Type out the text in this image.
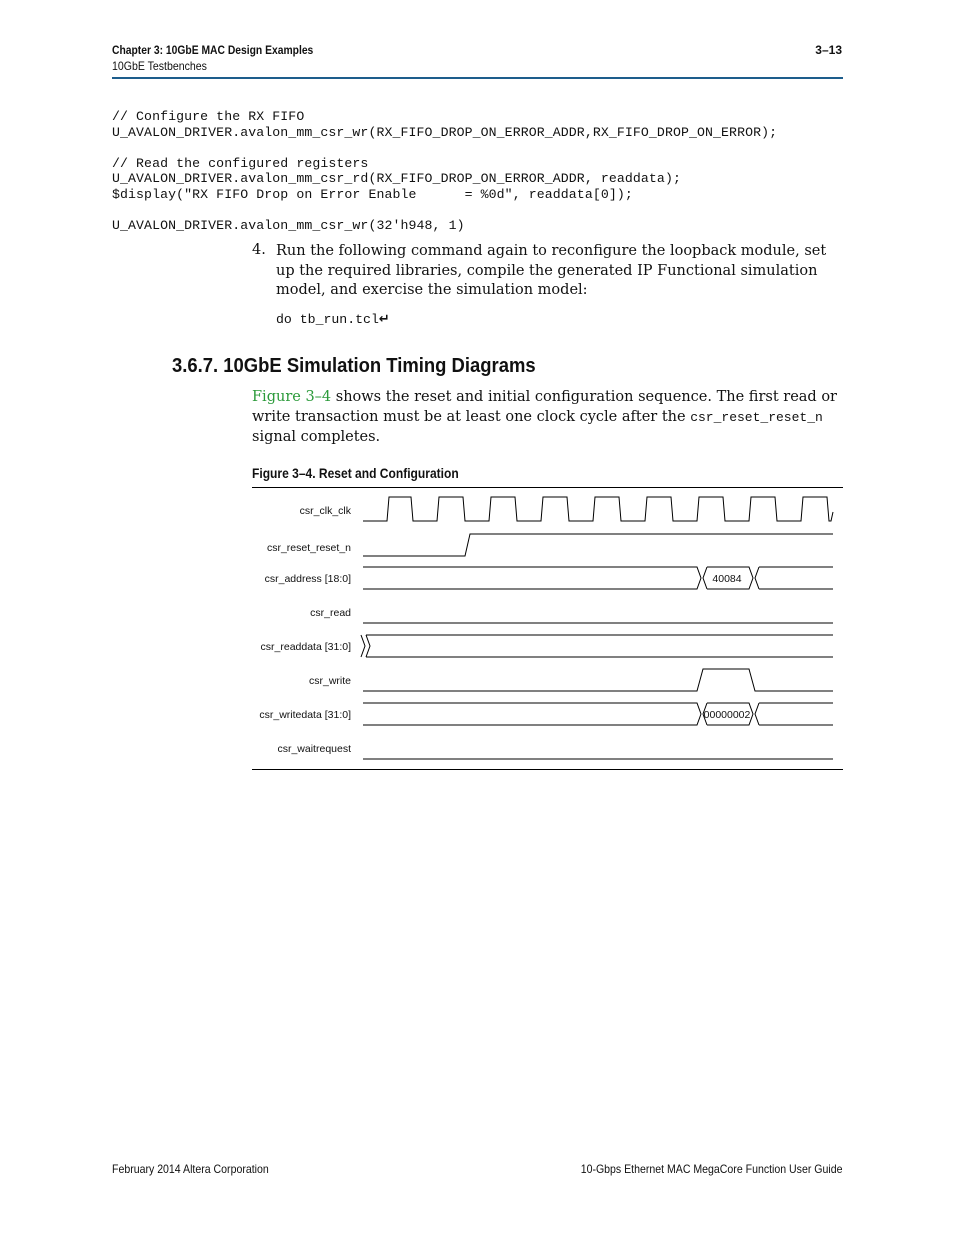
Chapter 3: 10GbE MAC Design Examples
10GbE Testbenches
3–13
// Configure the RX FIFO
U_AVALON_DRIVER.avalon_mm_csr_wr(RX_FIFO_DROP_ON_ERROR_ADDR,RX_FIFO_DROP_ON_ERROR);
// Read the configured registers
U_AVALON_DRIVER.avalon_mm_csr_rd(RX_FIFO_DROP_ON_ERROR_ADDR, readdata);
$display("RX FIFO Drop on Error Enable      = %0d", readdata[0]);
U_AVALON_DRIVER.avalon_mm_csr_wr(32'h948, 1)
4. Run the following command again to reconfigure the loopback module, set up the required libraries, compile the generated IP Functional simulation model, and exercise the simulation model:
do tb_run.tcl↵
3.6.7. 10GbE Simulation Timing Diagrams
Figure 3–4 shows the reset and initial configuration sequence. The first read or write transaction must be at least one clock cycle after the csr_reset_reset_n signal completes.
Figure 3–4. Reset and Configuration
csr_clk_clk
csr_reset_reset_n
csr_address [18:0]
csr_read
csr_readdata [31:0]
csr_write
csr_writedata [31:0]
csr_waitrequest
40084
00000002
February 2014 Altera Corporation	10-Gbps Ethernet MAC MegaCore Function User Guide
